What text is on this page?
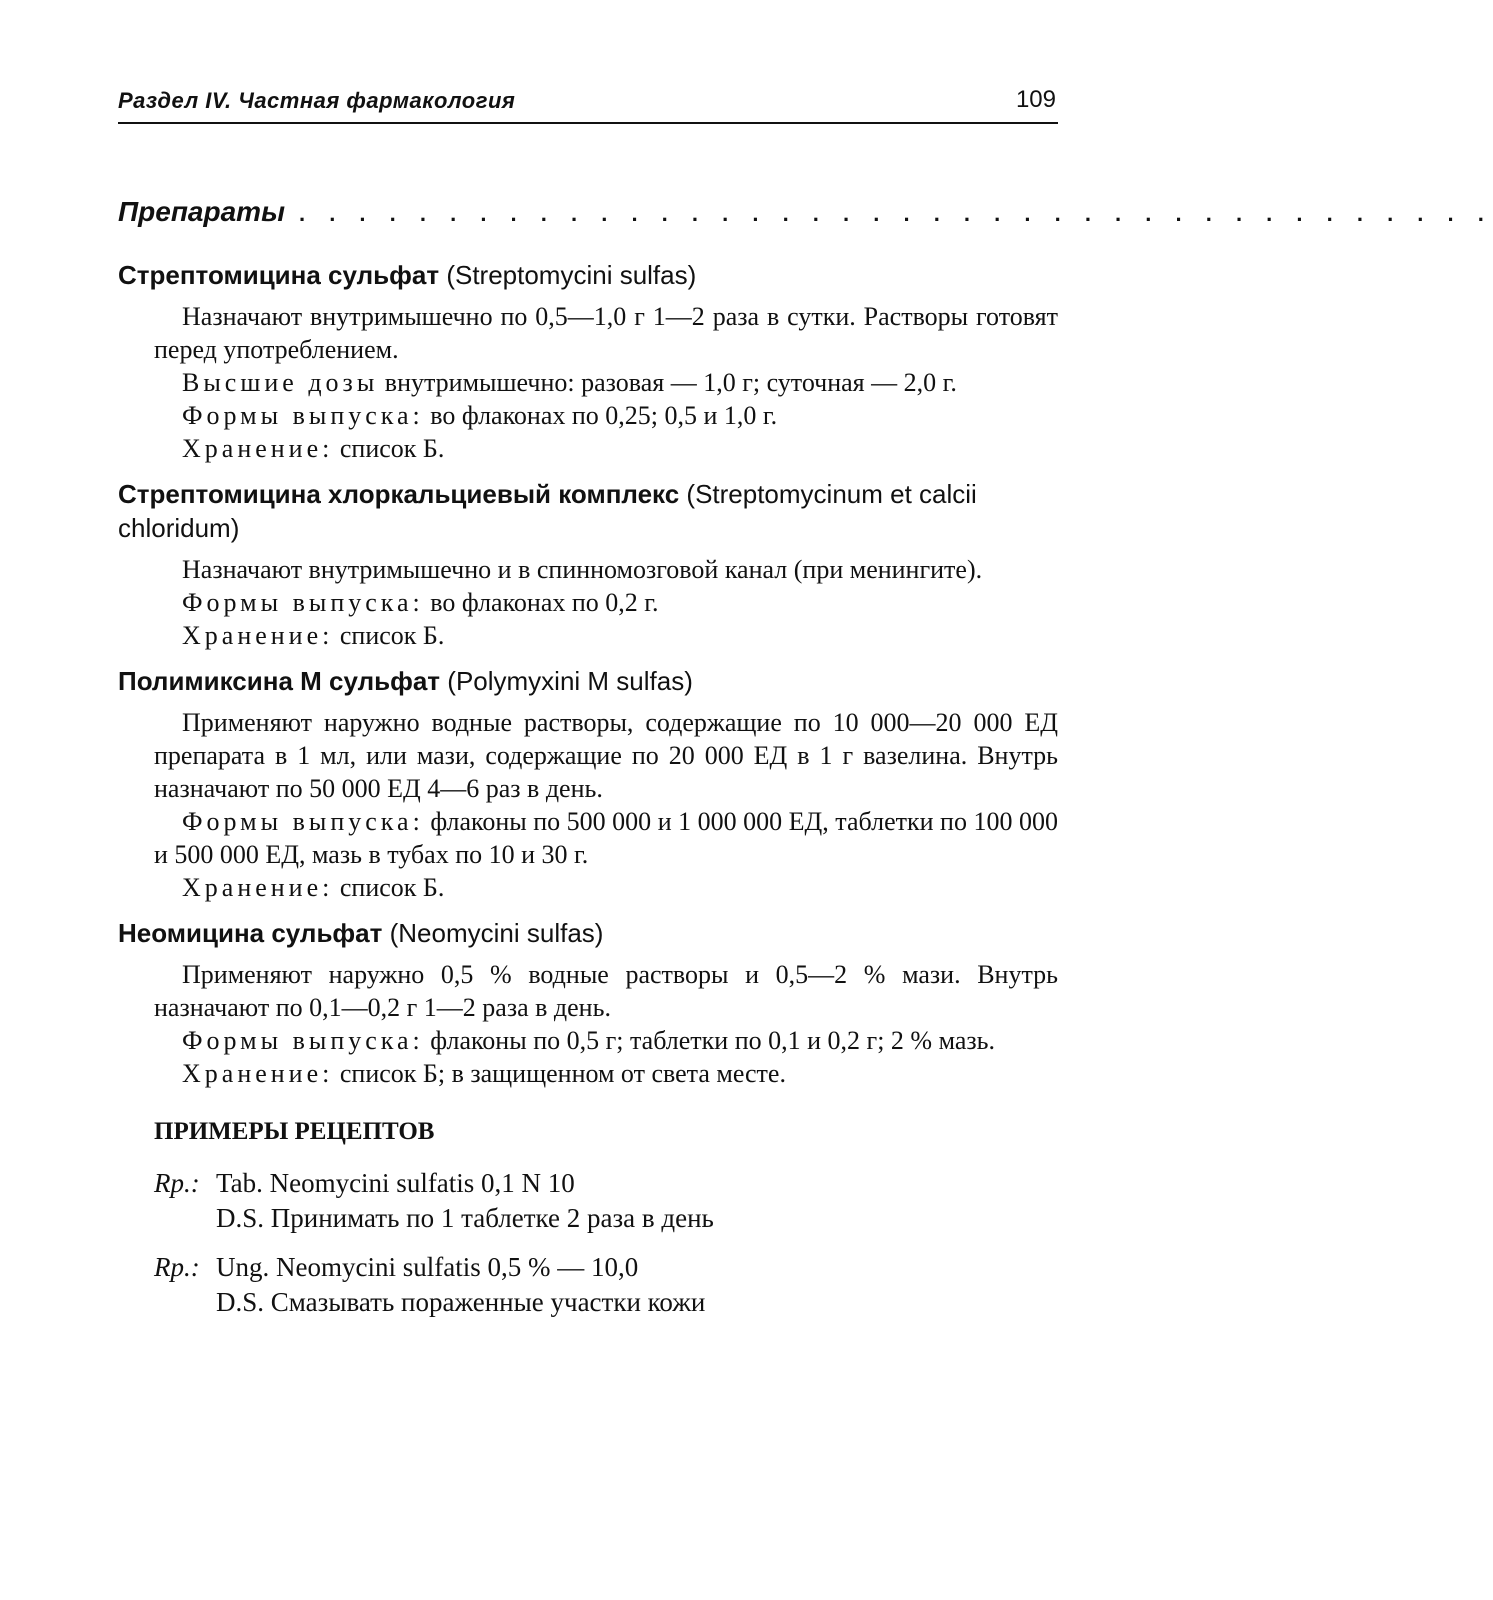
Раздел IV. Частная фармакология	109
Препараты . . . . . . . . . . . . . . . . . . . . . . . . . . . . . . . . . . . . . . . .
Стрептомицина сульфат (Streptomycini sulfas)

Назначают внутримышечно по 0,5—1,0 г 1—2 раза в сутки. Растворы готовят перед употреблением.

Высшие дозы внутримышечно: разовая — 1,0 г; суточная — 2,0 г.

Формы выпуска: во флаконах по 0,25; 0,5 и 1,0 г.

Хранение: список Б.

Стрептомицина хлоркальциевый комплекс (Streptomycinum et calcii chloridum)

Назначают внутримышечно и в спинномозговой канал (при менингите).

Формы выпуска: во флаконах по 0,2 г.

Хранение: список Б.

Полимиксина М сульфат (Polymyxini M sulfas)

Применяют наружно водные растворы, содержащие по 10 000—20 000 ЕД препарата в 1 мл, или мази, содержащие по 20 000 ЕД в 1 г вазелина. Внутрь назначают по 50 000 ЕД 4—6 раз в день.

Формы выпуска: флаконы по 500 000 и 1 000 000 ЕД, таблетки по 100 000 и 500 000 ЕД, мазь в тубах по 10 и 30 г.

Хранение: список Б.

Неомицина сульфат (Neomycini sulfas)

Применяют наружно 0,5 % водные растворы и 0,5—2 % мази. Внутрь назначают по 0,1—0,2 г 1—2 раза в день.

Формы выпуска: флаконы по 0,5 г; таблетки по 0,1 и 0,2 г; 2 % мазь.

Хранение: список Б; в защищенном от света месте.

ПРИМЕРЫ РЕЦЕПТОВ
Rp.: Tab. Neomycini sulfatis 0,1 N 10
D.S. Принимать по 1 таблетке 2 раза в день
Rp.: Ung. Neomycini sulfatis 0,5 % — 10,0
D.S. Смазывать пораженные участки кожи
